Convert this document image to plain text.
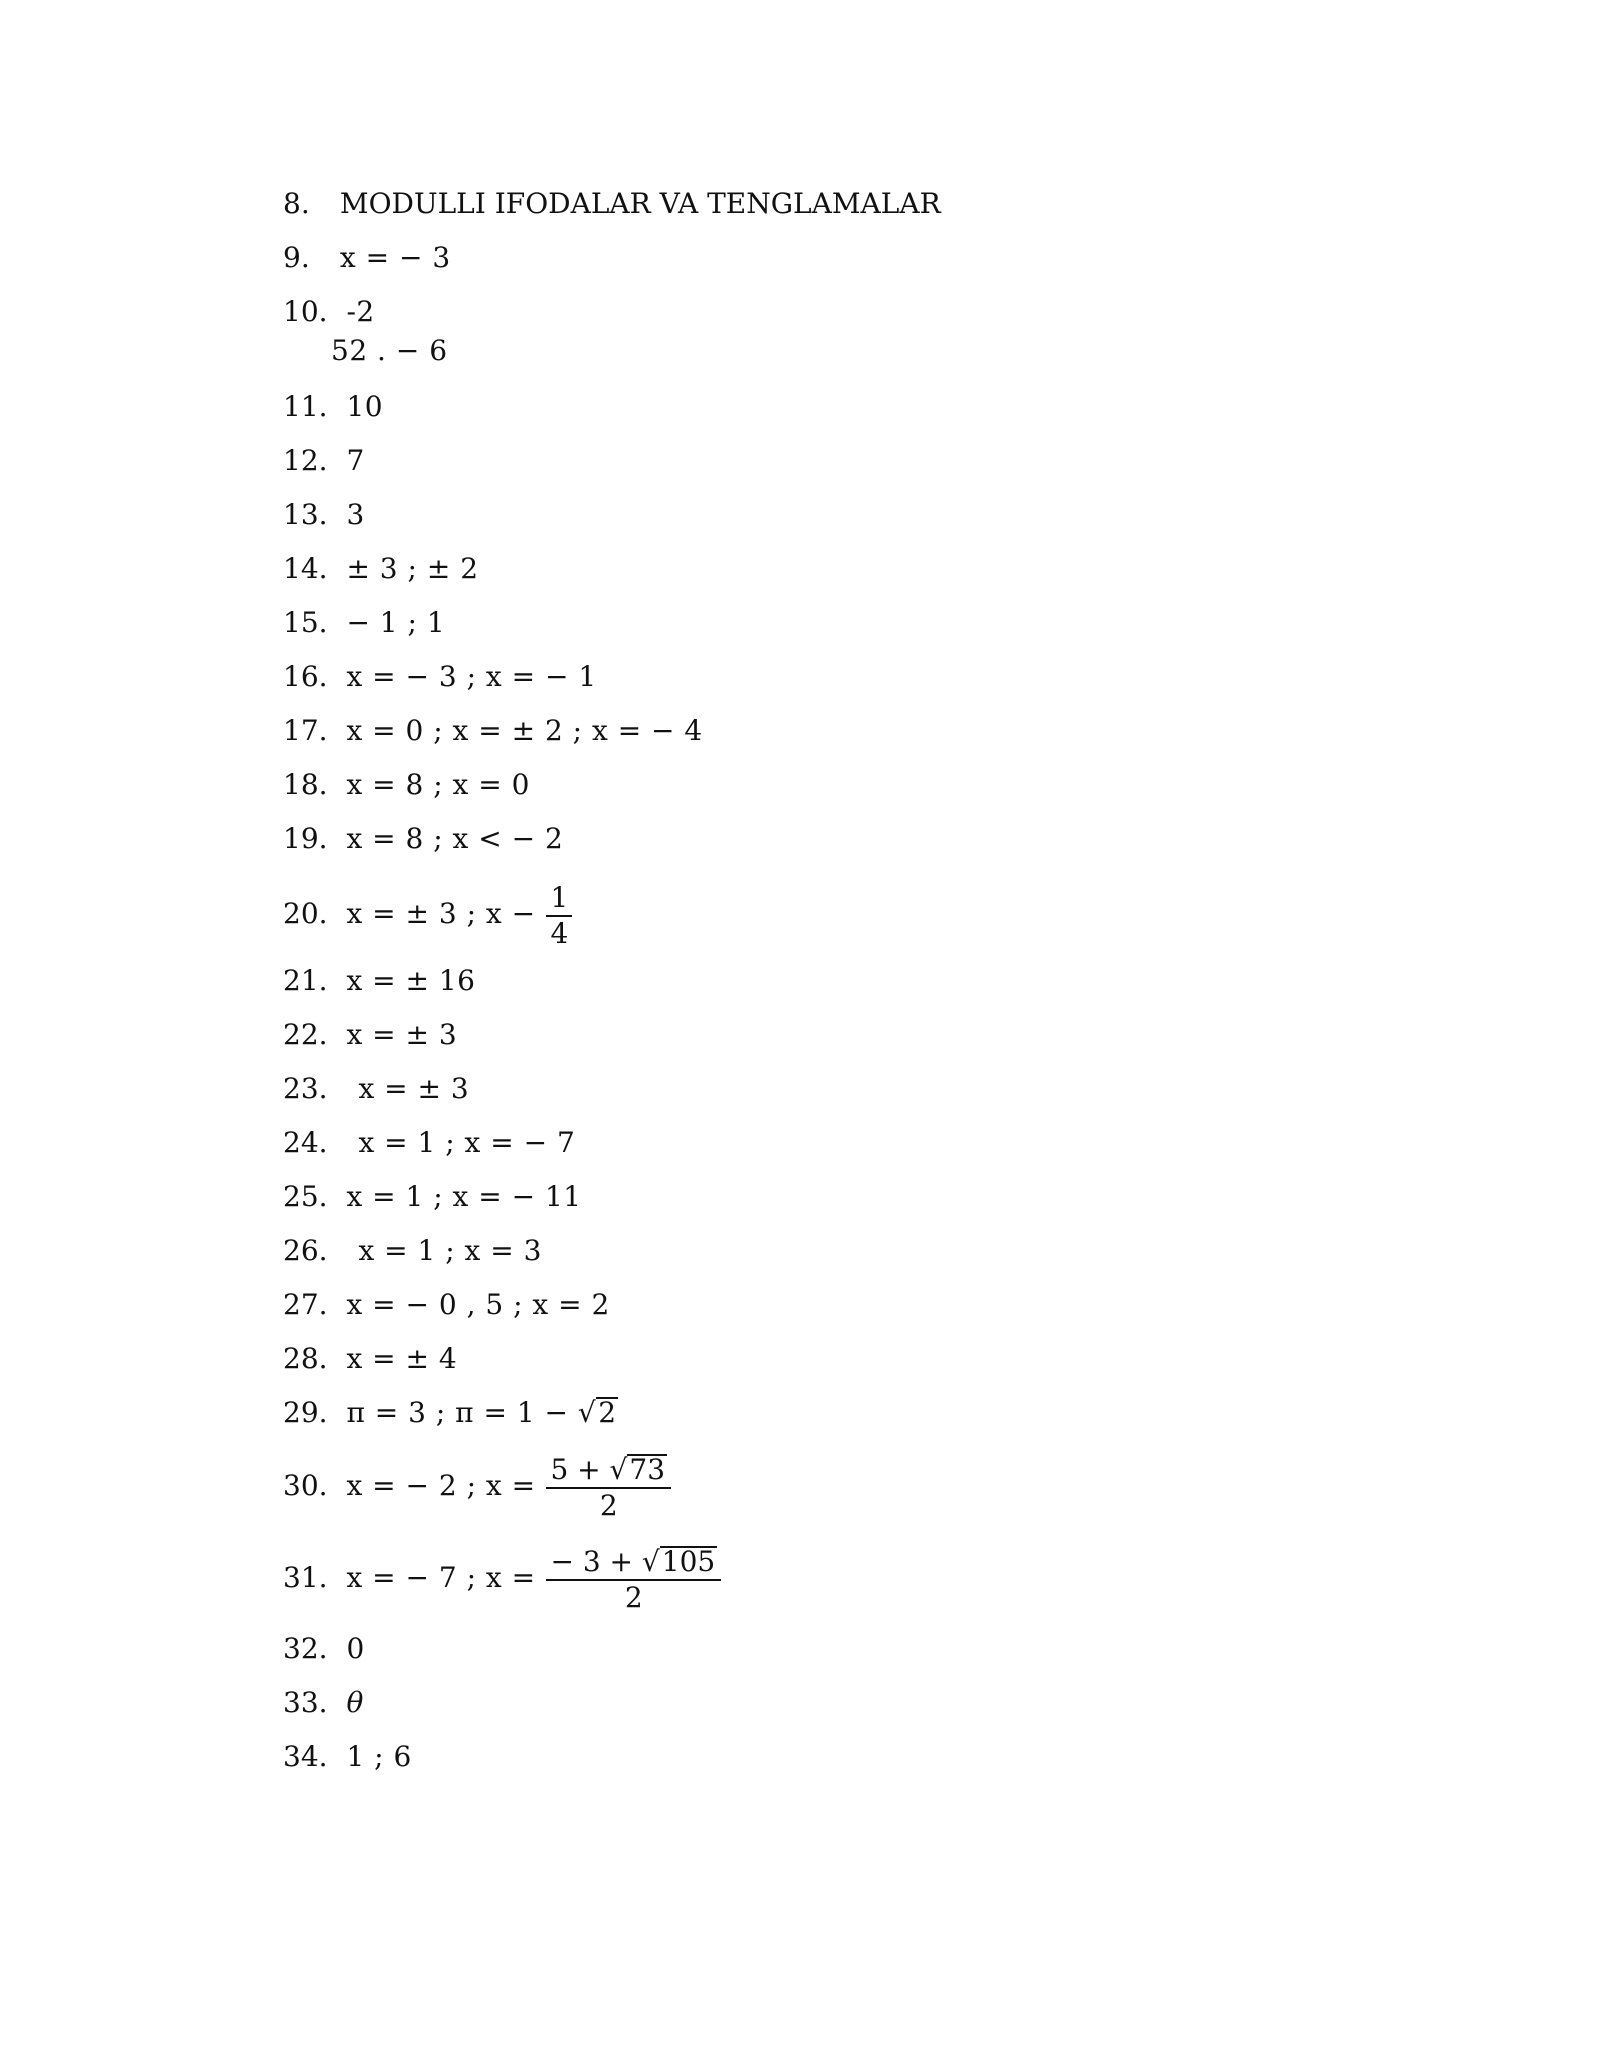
8. MODULLI IFODALAR VA TENGLAMALAR
9. x = − 3
10. -2
52 . − 6
11. 10
12. 7
13. 3
14. ± 3 ; ± 2
15. − 1 ; 1
16. x = − 3 ; x = − 1
17. x = 0 ; x = ± 2 ; x = − 4
18. x = 8 ; x = 0
19. x = 8 ; x < − 2
20. x = ± 3 ; $x - \frac{1}{4}$
21. x = ± 16
22. x = ± 3
23. x = ± 3
24. x = 1 ; x = − 7
25. x = 1 ; x = − 11
26. x = 1 ; x = 3
27. x = − 0 , 5 ; x = 2
28. x = ± 4
29. π = 3 ; π = 1 − √2
30. x = − 2 ; $x = \frac{5 + √73}{2}$
31. x = − 7 ; $x = \frac{- 3 + √105}{2}$
32. 0
33. θ
34. 1 ; 6
